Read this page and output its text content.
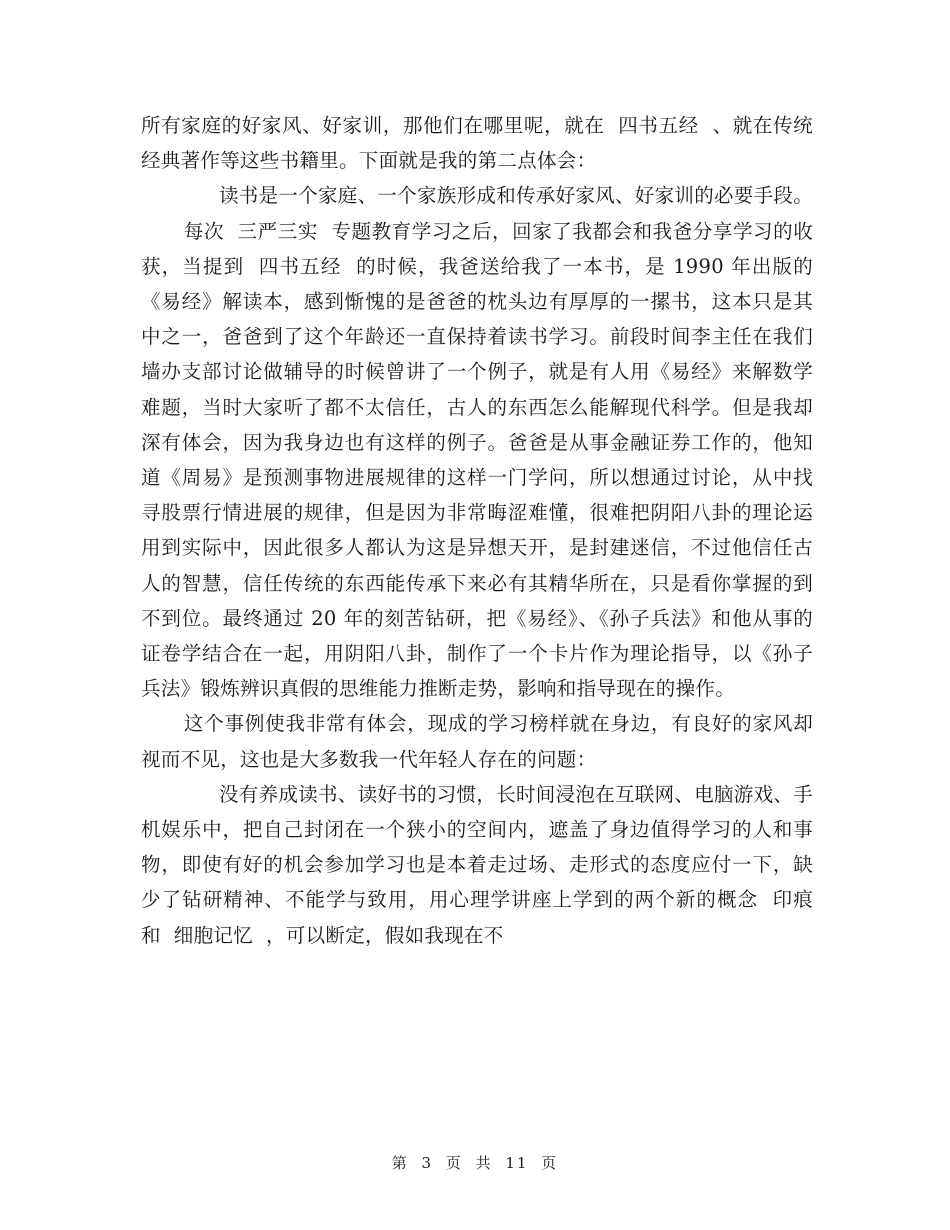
所有家庭的好家风、好家训，那他们在哪里呢，就在  四书五经  、就在传统经典著作等这些书籍里。下面就是我的第二点体会：

读书是一个家庭、一个家族形成和传承好家风、好家训的必要手段。

每次  三严三实  专题教育学习之后，回家了我都会和我爸分享学习的收获，当提到  四书五经  的时候，我爸送给我了一本书，是 1990 年出版的《易经》解读本，感到惭愧的是爸爸的枕头边有厚厚的一摞书，这本只是其中之一，爸爸到了这个年龄还一直保持着读书学习。前段时间李主任在我们墙办支部讨论做辅导的时候曾讲了一个例子，就是有人用《易经》来解数学难题，当时大家听了都不太信任，古人的东西怎么能解现代科学。但是我却深有体会，因为我身边也有这样的例子。爸爸是从事金融证券工作的，他知道《周易》是预测事物进展规律的这样一门学问，所以想通过讨论，从中找寻股票行情进展的规律，但是因为非常晦涩难懂，很难把阴阳八卦的理论运用到实际中，因此很多人都认为这是异想天开，是封建迷信，不过他信任古人的智慧，信任传统的东西能传承下来必有其精华所在，只是看你掌握的到不到位。最终通过 20 年的刻苦钻研，把《易经》、《孙子兵法》和他从事的证卷学结合在一起，用阴阳八卦，制作了一个卡片作为理论指导，以《孙子兵法》锻炼辨识真假的思维能力推断走势，影响和指导现在的操作。

这个事例使我非常有体会，现成的学习榜样就在身边，有良好的家风却视而不见，这也是大多数我一代年轻人存在的问题：

没有养成读书、读好书的习惯，长时间浸泡在互联网、电脑游戏、手机娱乐中，把自己封闭在一个狭小的空间内，遮盖了身边值得学习的人和事物，即使有好的机会参加学习也是本着走过场、走形式的态度应付一下，缺少了钻研精神、不能学与致用，用心理学讲座上学到的两个新的概念  印痕  和  细胞记忆  ，可以断定，假如我现在不

第 3 页 共 11 页
